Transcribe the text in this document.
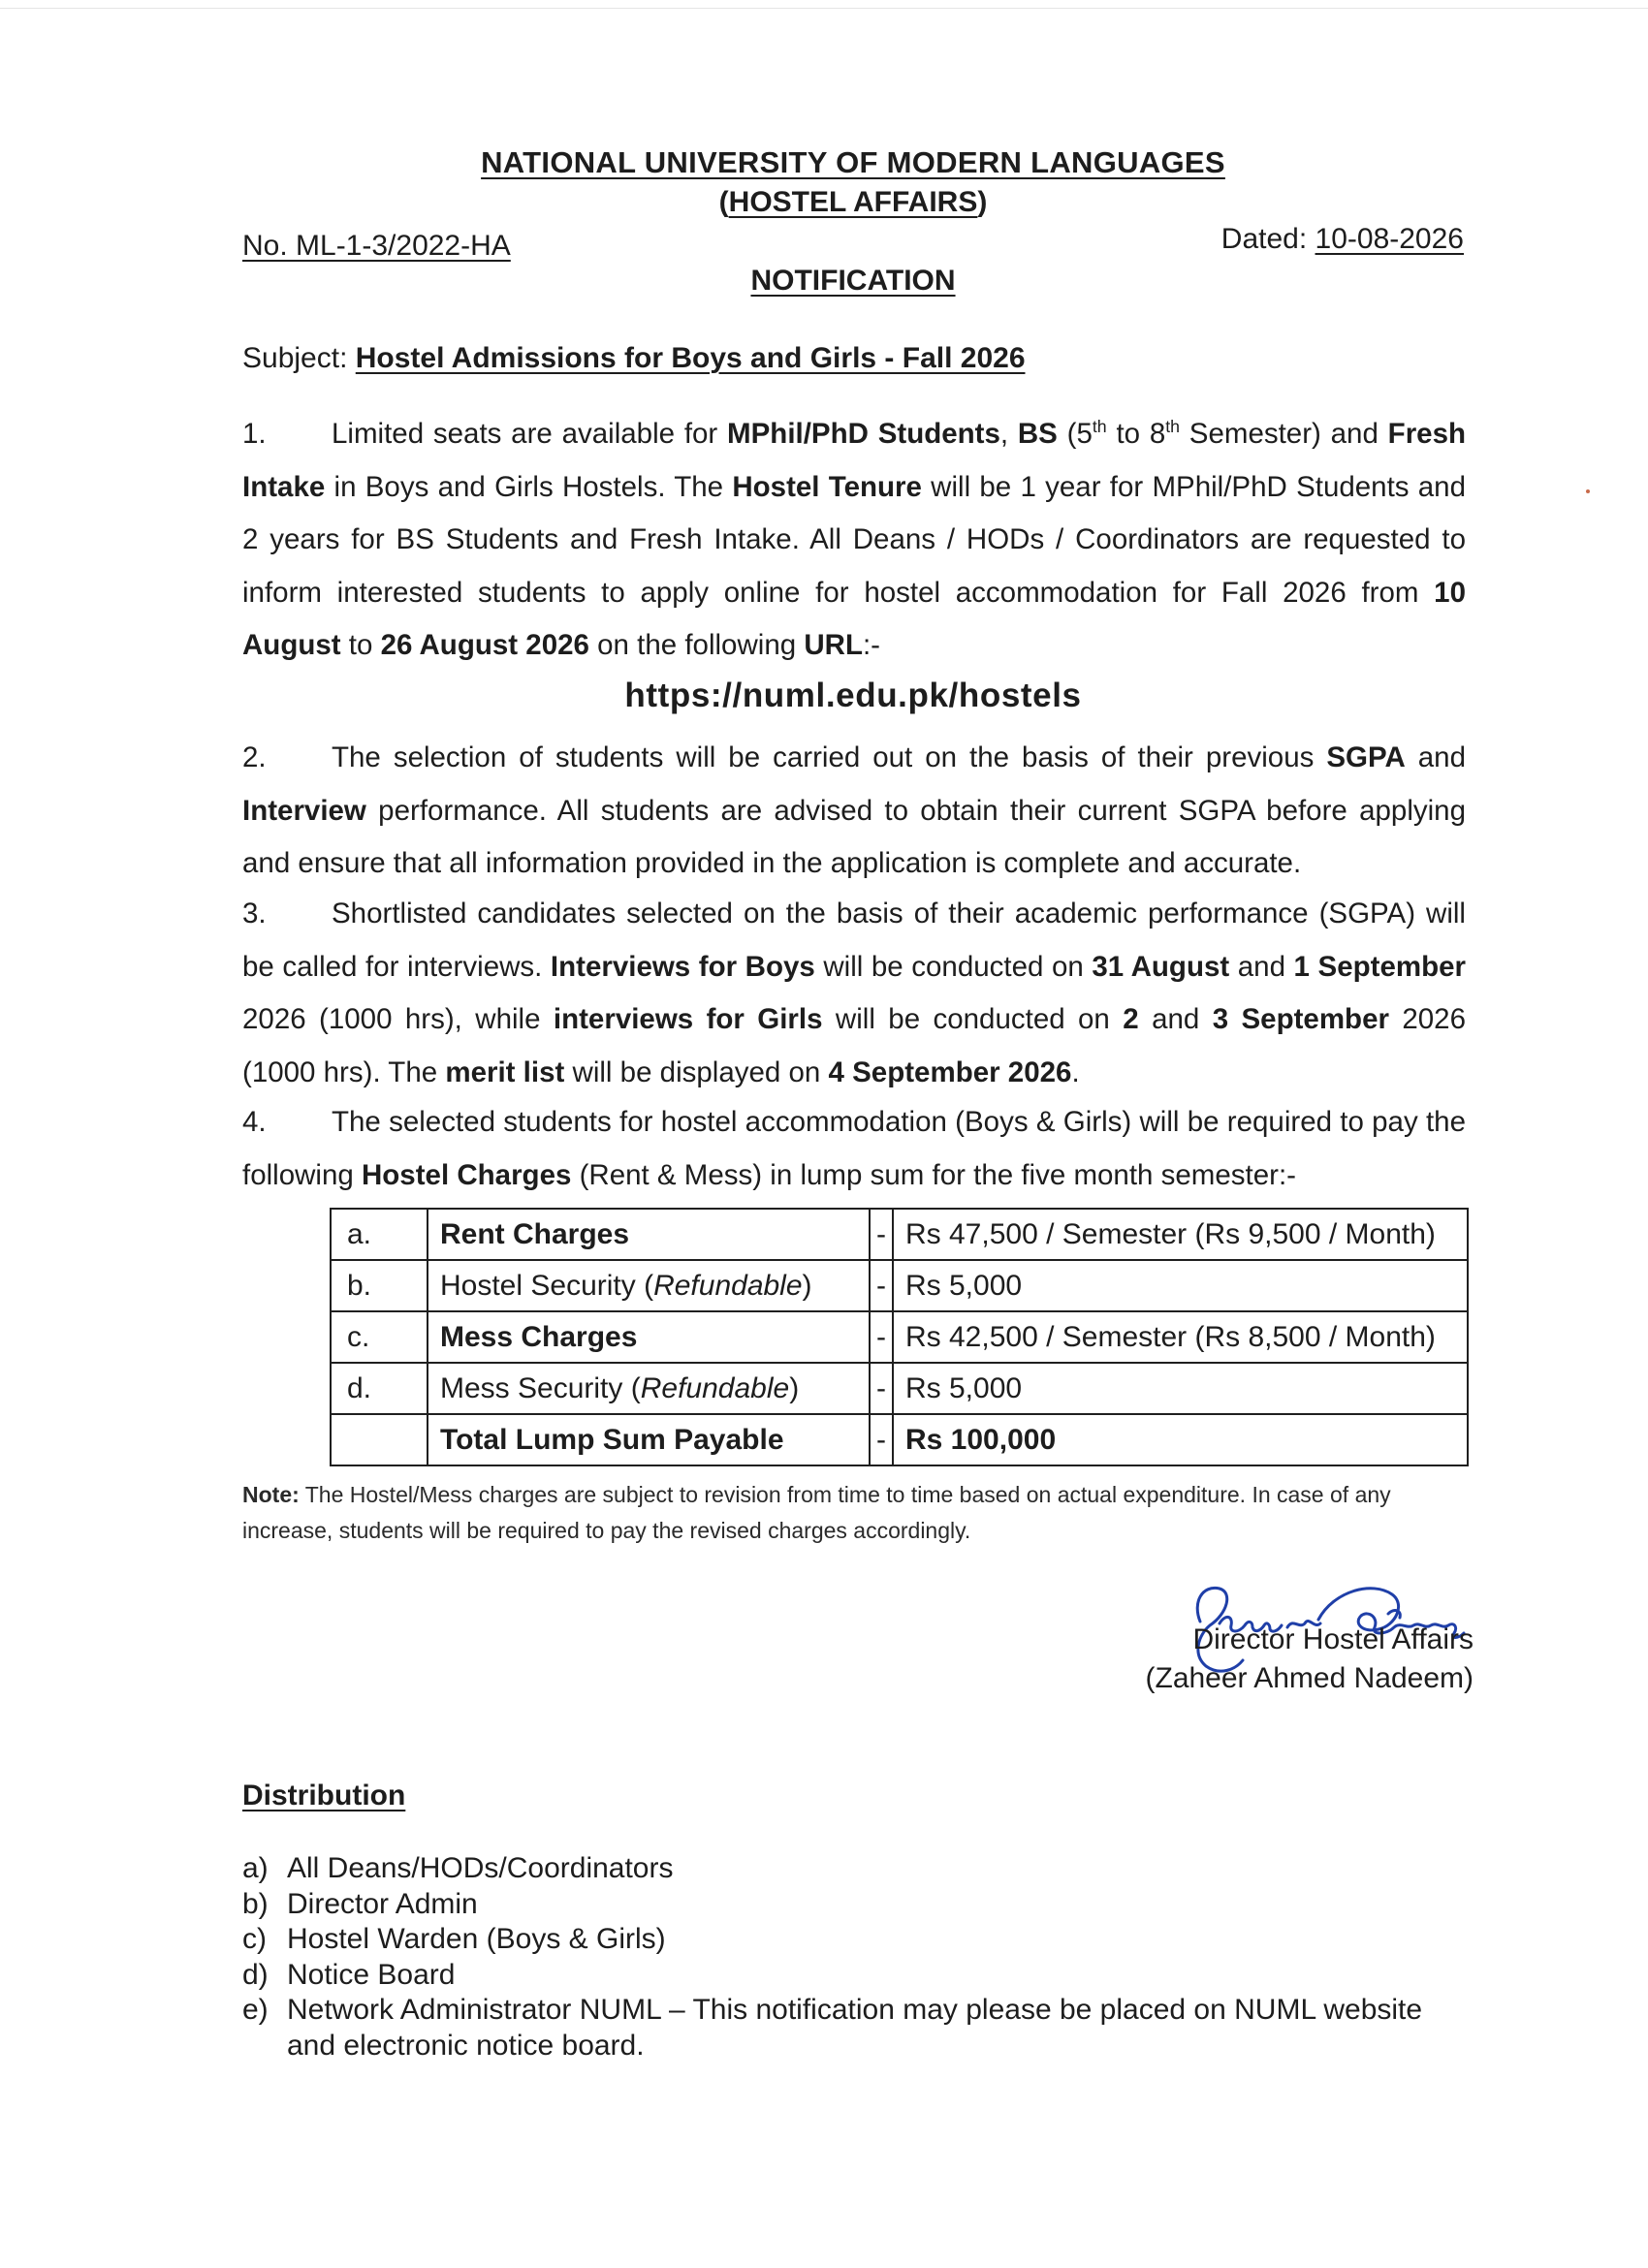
NATIONAL UNIVERSITY OF MODERN LANGUAGES
(HOSTEL AFFAIRS)
No. ML-1-3/2022-HA	Dated: 10-08-2026
NOTIFICATION
Subject: Hostel Admissions for Boys and Girls - Fall 2026
1. Limited seats are available for MPhil/PhD Students, BS (5th to 8th Semester) and Fresh Intake in Boys and Girls Hostels. The Hostel Tenure will be 1 year for MPhil/PhD Students and 2 years for BS Students and Fresh Intake. All Deans / HODs / Coordinators are requested to inform interested students to apply online for hostel accommodation for Fall 2026 from 10 August to 26 August 2026 on the following URL:-
https://numl.edu.pk/hostels
2. The selection of students will be carried out on the basis of their previous SGPA and Interview performance. All students are advised to obtain their current SGPA before applying and ensure that all information provided in the application is complete and accurate.
3. Shortlisted candidates selected on the basis of their academic performance (SGPA) will be called for interviews. Interviews for Boys will be conducted on 31 August and 1 September 2026 (1000 hrs), while interviews for Girls will be conducted on 2 and 3 September 2026 (1000 hrs). The merit list will be displayed on 4 September 2026.
4. The selected students for hostel accommodation (Boys & Girls) will be required to pay the following Hostel Charges (Rent & Mess) in lump sum for the five month semester:-
a.	Rent Charges	-	Rs 47,500 / Semester (Rs 9,500 / Month)
b.	Hostel Security (Refundable)	-	Rs 5,000
c.	Mess Charges	-	Rs 42,500 / Semester (Rs 8,500 / Month)
d.	Mess Security (Refundable)	-	Rs 5,000
	Total Lump Sum Payable	-	Rs 100,000
Note: The Hostel/Mess charges are subject to revision from time to time based on actual expenditure. In case of any increase, students will be required to pay the revised charges accordingly.
Director Hostel Affairs
(Zaheer Ahmed Nadeem)
Distribution
a) All Deans/HODs/Coordinators
b) Director Admin
c) Hostel Warden (Boys & Girls)
d) Notice Board
e) Network Administrator NUML – This notification may please be placed on NUML website and electronic notice board.
